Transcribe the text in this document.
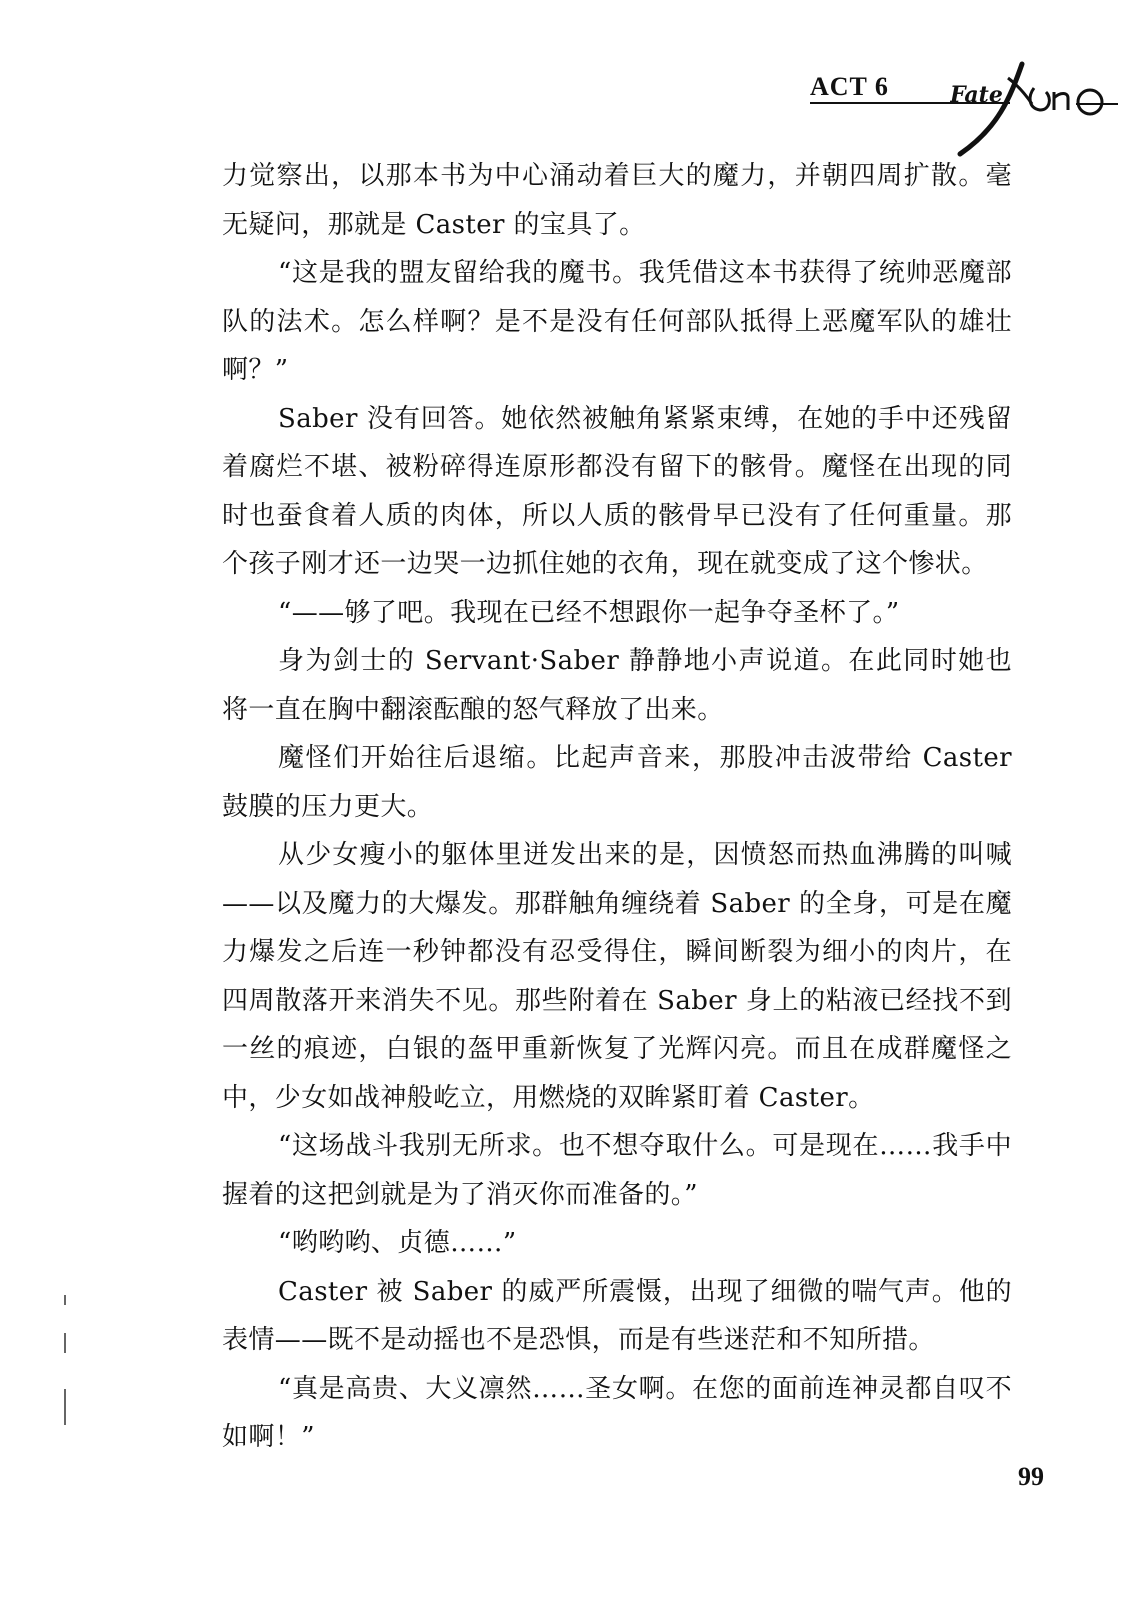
ACT 6	Fate

力觉察出，以那本书为中心涌动着巨大的魔力，并朝四周扩散。毫无疑问，那就是 Caster 的宝具了。

“这是我的盟友留给我的魔书。我凭借这本书获得了统帅恶魔部队的法术。怎么样啊？是不是没有任何部队抵得上恶魔军队的雄壮啊？”

Saber 没有回答。她依然被触角紧紧束缚，在她的手中还残留着腐烂不堪、被粉碎得连原形都没有留下的骸骨。魔怪在出现的同时也蚕食着人质的肉体，所以人质的骸骨早已没有了任何重量。那个孩子刚才还一边哭一边抓住她的衣角，现在就变成了这个惨状。

“——够了吧。我现在已经不想跟你一起争夺圣杯了。”

身为剑士的 Servant·Saber 静静地小声说道。在此同时她也将一直在胸中翻滚酝酿的怒气释放了出来。

魔怪们开始往后退缩。比起声音来，那股冲击波带给 Caster 鼓膜的压力更大。

从少女瘦小的躯体里迸发出来的是，因愤怒而热血沸腾的叫喊——以及魔力的大爆发。那群触角缠绕着 Saber 的全身，可是在魔力爆发之后连一秒钟都没有忍受得住，瞬间断裂为细小的肉片，在四周散落开来消失不见。那些附着在 Saber 身上的粘液已经找不到一丝的痕迹，白银的盔甲重新恢复了光辉闪亮。而且在成群魔怪之中，少女如战神般屹立，用燃烧的双眸紧盯着 Caster。

“这场战斗我别无所求。也不想夺取什么。可是现在……我手中握着的这把剑就是为了消灭你而准备的。”

“哟哟哟、贞德……”

Caster 被 Saber 的威严所震慑，出现了细微的喘气声。他的表情——既不是动摇也不是恐惧，而是有些迷茫和不知所措。

“真是高贵、大义凛然……圣女啊。在您的面前连神灵都自叹不如啊！”

99
